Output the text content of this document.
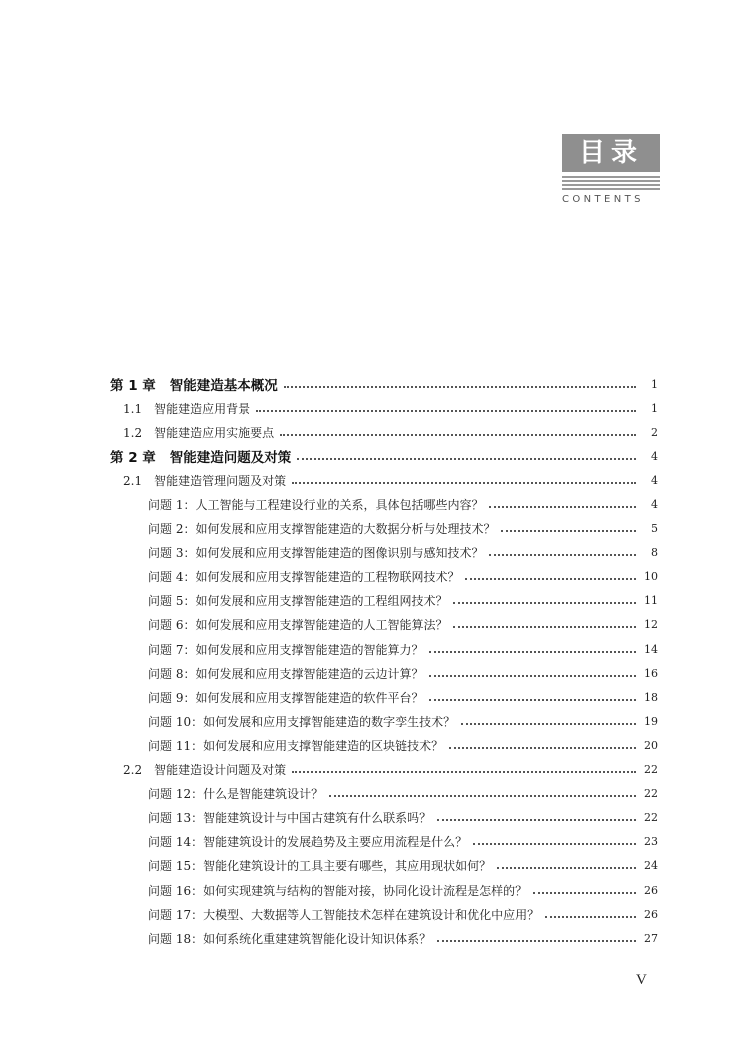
目录
CONTENTS
第 1 章 智能建造基本概况	1
1.1 智能建造应用背景	1
1.2 智能建造应用实施要点	2
第 2 章 智能建造问题及对策	4
2.1 智能建造管理问题及对策	4
问题 1：人工智能与工程建设行业的关系，具体包括哪些内容？	4
问题 2：如何发展和应用支撑智能建造的大数据分析与处理技术？	5
问题 3：如何发展和应用支撑智能建造的图像识别与感知技术？	8
问题 4：如何发展和应用支撑智能建造的工程物联网技术？	10
问题 5：如何发展和应用支撑智能建造的工程组网技术？	11
问题 6：如何发展和应用支撑智能建造的人工智能算法？	12
问题 7：如何发展和应用支撑智能建造的智能算力？	14
问题 8：如何发展和应用支撑智能建造的云边计算？	16
问题 9：如何发展和应用支撑智能建造的软件平台？	18
问题 10：如何发展和应用支撑智能建造的数字孪生技术？	19
问题 11：如何发展和应用支撑智能建造的区块链技术？	20
2.2 智能建造设计问题及对策	22
问题 12：什么是智能建筑设计？	22
问题 13：智能建筑设计与中国古建筑有什么联系吗？	22
问题 14：智能建筑设计的发展趋势及主要应用流程是什么？	23
问题 15：智能化建筑设计的工具主要有哪些，其应用现状如何？	24
问题 16：如何实现建筑与结构的智能对接，协同化设计流程是怎样的？	26
问题 17：大模型、大数据等人工智能技术怎样在建筑设计和优化中应用？	26
问题 18：如何系统化重建建筑智能化设计知识体系？	27
V
